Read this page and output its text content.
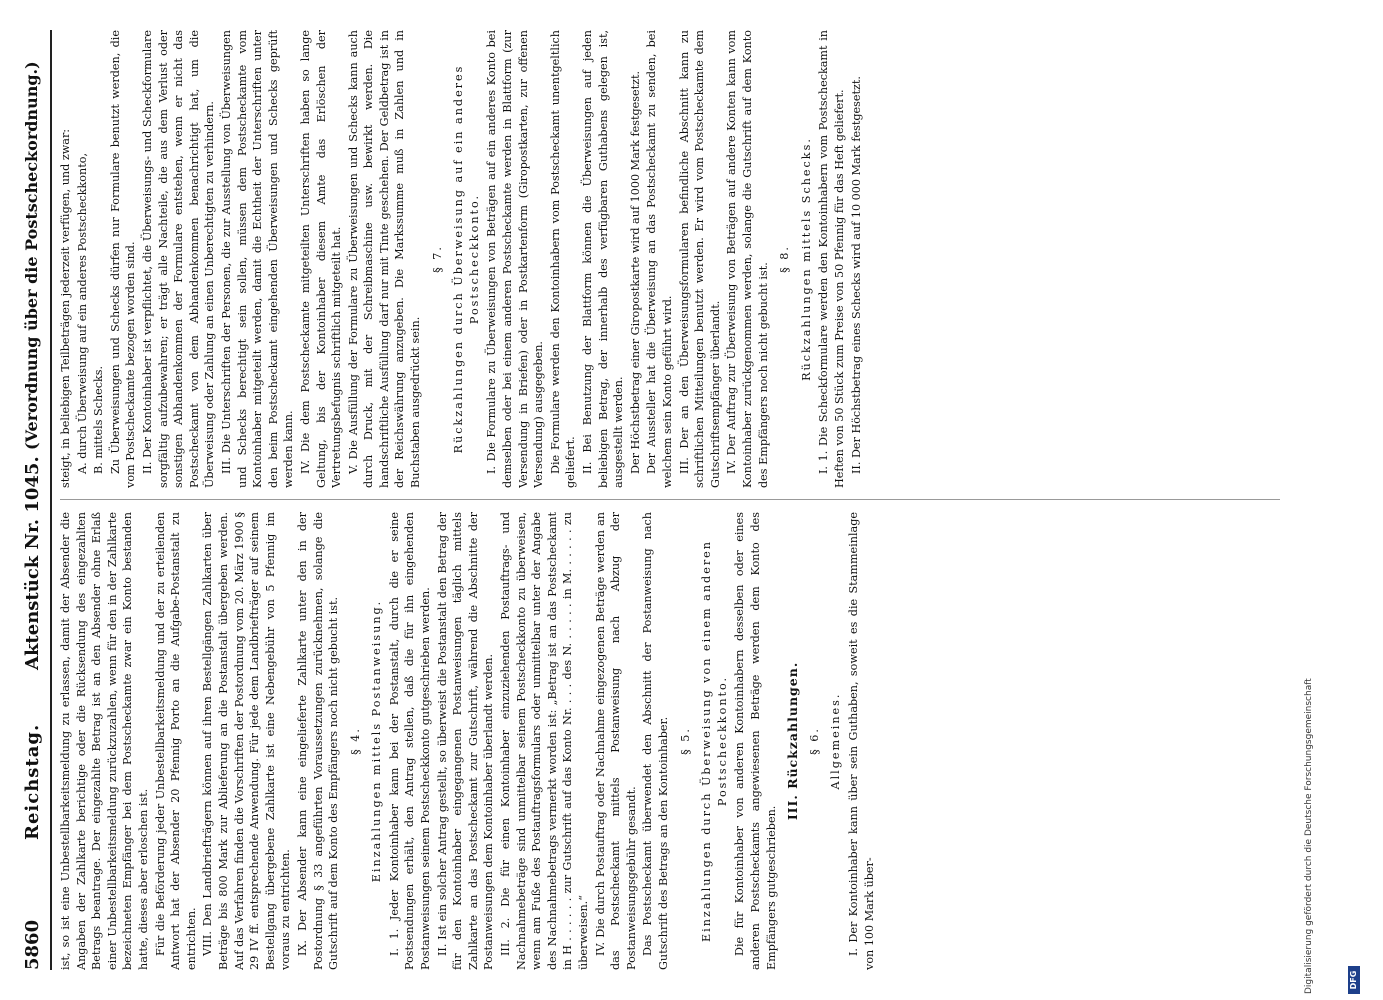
5860
Reichstag.
Aktenstück Nr. 1045.
(Verordnung über die Postscheckordnung.)

ist, so ist eine Unbestellbarkeitsmeldung zu erlassen, damit der Absender die Angaben der Zahlkarte berichtige oder die Rücksendung des eingezahlten Betrags beantrage. Der eingezahlte Betrag ist an den Absender ohne Erlaß einer Unbestellbarkeitsmeldung zurückzuzahlen, wenn für den in der Zahlkarte bezeichneten Empfänger bei dem Postscheckamte zwar ein Konto bestanden hatte, dieses aber erloschen ist. Für die Beförderung jeder Unbestellbarkeitsmeldung und der zu erteilenden Antwort hat der Absender 20 Pfennig Porto an die Aufgabe-Postanstalt zu entrichten. VIII. Den Landbriefträgern können auf ihren Bestellgängen Zahlkarten über Beträge bis 800 Mark zur Ablieferung an die Postanstalt übergeben werden. Auf das Verfahren finden die Vorschriften der Postordnung vom 20. März 1900 § 29 IV ff. entsprechende Anwendung. Für jede dem Landbriefträger auf seinem Bestellgang übergebene Zahlkarte ist eine Nebengebühr von 5 Pfennig im voraus zu entrichten. IX. Der Absender kann eine eingelieferte Zahlkarte unter den in der Postordnung § 33 angeführten Voraussetzungen zurücknehmen, solange die Gutschrift auf dem Konto des Empfängers noch nicht gebucht ist. § 4. Einzahlungen mittels Postanweisung. I. 1. Jeder Kontoinhaber kann bei der Postanstalt, durch die er seine Postsendungen erhält, den Antrag stellen, daß die für ihn eingehenden Postanweisungen seinem Postscheckkonto gutgeschrieben werden. II. Ist ein solcher Antrag gestellt, so überweist die Postanstalt den Betrag der für den Kontoinhaber eingegangenen Postanweisungen täglich mittels Zahlkarte an das Postscheckamt zur Gutschrift, während die Abschnitte der Postanweisungen dem Kontoinhaber überlandt werden. III. 2. Die für einen Kontoinhaber einzuziehenden Postauftrags- und Nachnahmebeträge sind unmittelbar seinem Postscheckkonto zu überweisen, wenn am Fuße des Postauftragsformulars oder unmittelbar unter der Angabe des Nachnahmebetrags vermerkt worden ist: „Betrag ist an das Postscheckamt in H . . . . . . zur Gutschrift auf das Konto Nr. . . . des N. . . . . . in M. . . . . . zu überweisen.“ IV. Die durch Postauftrag oder Nachnahme eingezogenen Beträge werden an das Postscheckamt mittels Postanweisung nach Abzug der Postanweisungsgebühr gesandt. Das Postscheckamt überwendet den Abschnitt der Postanweisung nach Gutschrift des Betrags an den Kontoinhaber. § 5. Einzahlungen durch Überweisung von einem anderen Postscheckkonto. Die für Kontoinhaber von anderen Kontoinhabern desselben oder eines anderen Postscheckamts angewiesenen Beträge werden dem Konto des Empfängers gutgeschrieben.

III. Rückzahlungen. § 6. Allgemeines. I. Der Kontoinhaber kann über sein Guthaben, soweit es die Stammeinlage von 100 Mark über-

steigt, in beliebigen Teilbeträgen jederzeit verfügen, und zwar: A. durch Überweisung auf ein anderes Postscheckkonto, B. mittels Schecks. Zu Überweisungen und Schecks dürfen nur Formulare benutzt werden, die vom Postscheckamte bezogen worden sind. II. Der Kontoinhaber ist verpflichtet, die Überweisungs- und Scheckformulare sorgfältig aufzubewahren; er trägt alle Nachteile, die aus dem Verlust oder sonstigen Abhandenkommen der Formulare entstehen, wenn er nicht das Postscheckamt von dem Abhandenkommen benachrichtigt hat, um die Überweisung oder Zahlung an einen Unberechtigten zu verhindern. III. Die Unterschriften der Personen, die zur Ausstellung von Überweisungen und Schecks berechtigt sein sollen, müssen dem Postscheckamte vom Kontoinhaber mitgeteilt werden, damit die Echtheit der Unterschriften unter den beim Postscheckamt eingehenden Überweisungen und Schecks geprüft werden kann. IV. Die dem Postscheckamte mitgeteilten Unterschriften haben so lange Geltung, bis der Kontoinhaber diesem Amte das Erlöschen der Vertretungsbefugnis schriftlich mitgeteilt hat. V. Die Ausfüllung der Formulare zu Überweisungen und Schecks kann auch durch Druck, mit der Schreibmaschine usw. bewirkt werden. Die handschriftliche Ausfüllung darf nur mit Tinte geschehen. Der Geldbetrag ist in der Reichswährung anzugeben. Die Markssumme muß in Zahlen und in Buchstaben ausgedrückt sein.

§ 7. Rückzahlungen durch Überweisung auf ein anderes Postscheckkonto. I. Die Formulare zu Überweisungen von Beträgen auf ein anderes Konto bei demselben oder bei einem anderen Postscheckamte werden in Blattform (zur Versendung in Briefen) oder in Postkartenform (Giropostkarten, zur offenen Versendung) ausgegeben. Die Formulare werden den Kontoinhabern vom Postscheckamt unentgeltlich geliefert. II. Bei Benutzung der Blattform können die Überweisungen auf jeden beliebigen Betrag, der innerhalb des verfügbaren Guthabens gelegen ist, ausgestellt werden. Der Höchstbetrag einer Giropostkarte wird auf 1000 Mark festgesetzt. Der Aussteller hat die Überweisung an das Postscheckamt zu senden, bei welchem sein Konto geführt wird. III. Der an den Überweisungsformularen befindliche Abschnitt kann zu schriftlichen Mitteilungen benutzt werden. Er wird vom Postscheckamte dem Gutschriftsempfänger überlandt. IV. Der Auftrag zur Überweisung von Beträgen auf andere Konten kann vom Kontoinhaber zurückgenommen werden, solange die Gutschrift auf dem Konto des Empfängers noch nicht gebucht ist.

§ 8. Rückzahlungen mittels Schecks. I. 1. Die Scheckformulare werden den Kontoinhabern vom Postscheckamt in Heften von 50 Stück zum Preise von 50 Pfennig für das Heft geliefert. II. Der Höchstbetrag eines Schecks wird auf 10 000 Mark festgesetzt.

Digitalisierung gefördert durch die Deutsche Forschungsgemeinschaft	DFG
